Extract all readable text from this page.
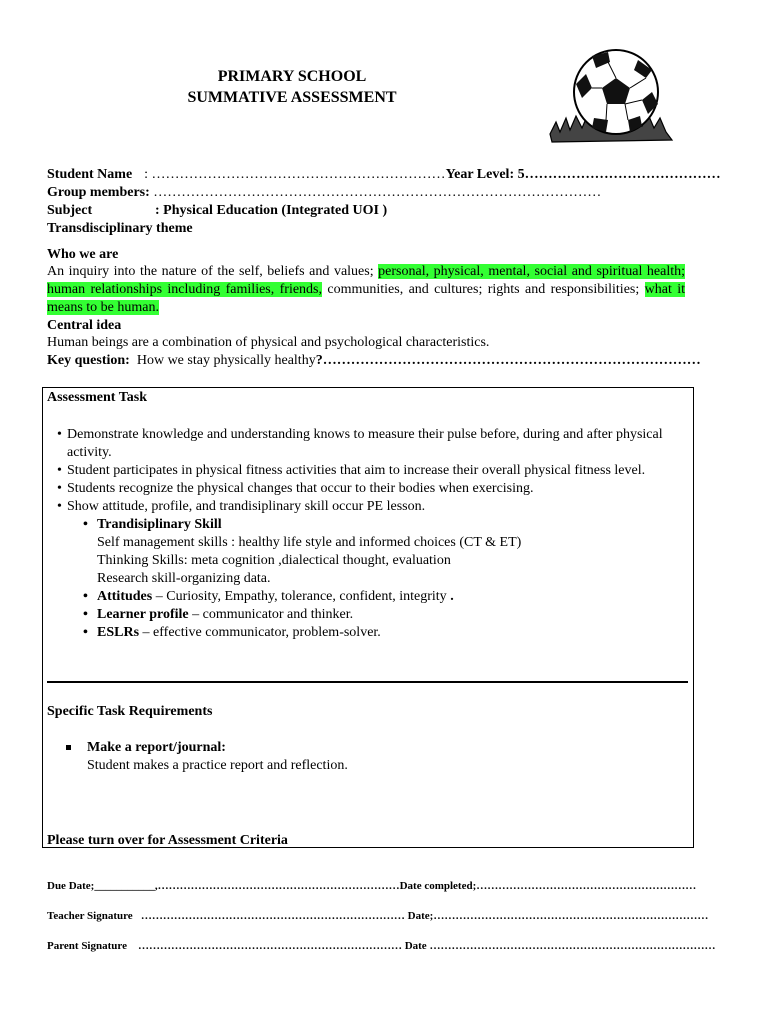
PRIMARY SCHOOL
SUMMATIVE ASSESSMENT
Student Name : ………………………………………………………Year Level: 5……………………………………
Group members: ……………………………………………………………………………………
Subject	: Physical Education (Integrated UOI )
Transdisciplinary theme
Who we are
An inquiry into the nature of the self, beliefs and values; personal, physical, mental, social and spiritual health; human relationships including families, friends, communities, and cultures; rights and responsibilities; what it means to be human.
Central idea
Human beings are a combination of physical and psychological characteristics.
Key question:  How we stay physically healthy?………………………………………………………………………
Assessment Task
• Demonstrate knowledge and understanding knows to measure their pulse before, during and after physical activity.
• Student participates in physical fitness activities that aim to increase their overall physical fitness level.
• Students recognize the physical changes that occur to their bodies when exercising.
• Show attitude, profile, and trandisiplinary skill occur PE lesson.
• Trandisiplinary Skill
Self management skills : healthy life style and informed choices (CT & ET)
Thinking Skills: meta cognition ,dialectical thought, evaluation
Research skill-organizing data.
• Attitudes – Curiosity, Empathy, tolerance, confident, integrity .
• Learner profile – communicator and thinker.
• ESLRs – effective communicator, problem-solver.
Specific Task Requirements
Make a report/journal:
Student makes a practice report and reflection.
Please turn over for Assessment Criteria
Due Date;___________,…………………………………………………………Date completed;……………………………………………………
Teacher Signature   ……………………………………………………………… Date;…………………………………………………………………
Parent Signature    ……………………………………………………………… Date ……………………………………………………………………
